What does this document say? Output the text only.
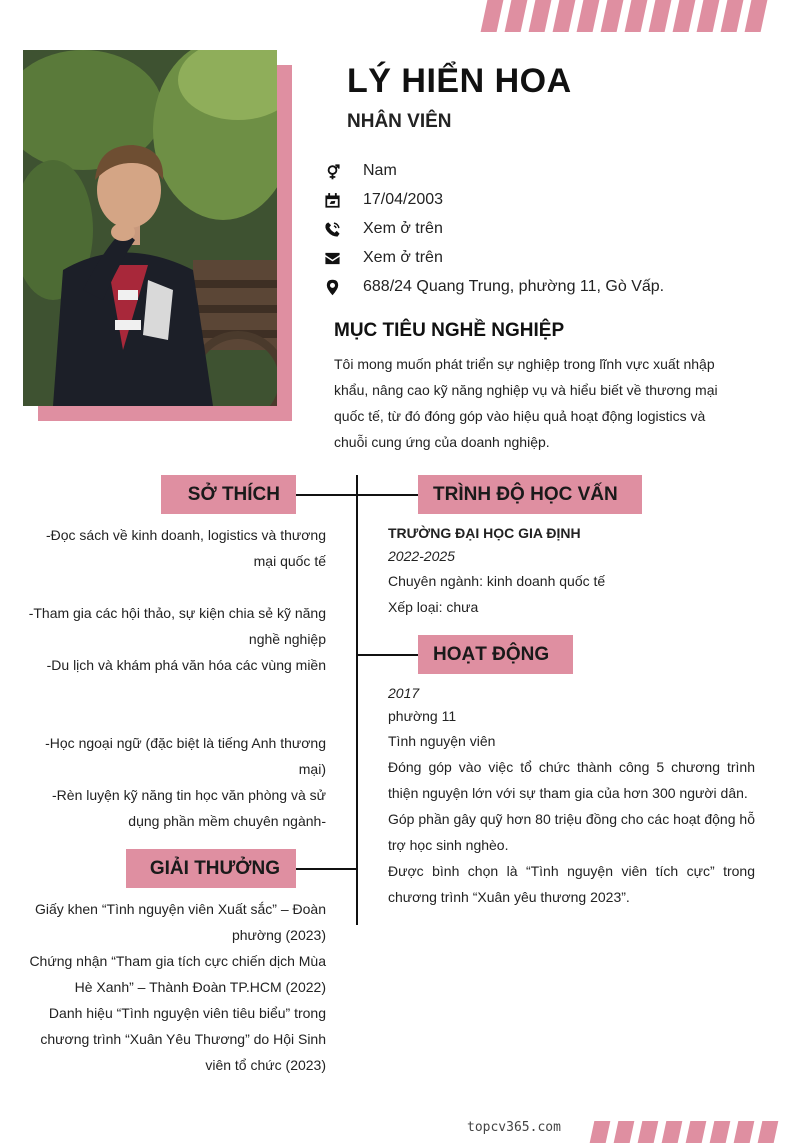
LÝ HIỂN HOA
NHÂN VIÊN
Nam
17/04/2003
Xem ở trên
Xem ở trên
688/24 Quang Trung, phường 11, Gò Vấp.
MỤC TIÊU NGHỀ NGHIỆP
Tôi mong muốn phát triển sự nghiệp trong lĩnh vực xuất nhập khẩu, nâng cao kỹ năng nghiệp vụ và hiểu biết về thương mại quốc tế, từ đó đóng góp vào hiệu quả hoạt động logistics và chuỗi cung ứng của doanh nghiệp.
SỞ THÍCH
-Đọc sách về kinh doanh, logistics và thương mại quốc tế
-Tham gia các hội thảo, sự kiện chia sẻ kỹ năng nghề nghiệp
-Du lịch và khám phá văn hóa các vùng miền
-Học ngoại ngữ (đặc biệt là tiếng Anh thương mại)
-Rèn luyện kỹ năng tin học văn phòng và sử dụng phần mềm chuyên ngành-
GIẢI THƯỞNG
Giấy khen “Tình nguyện viên Xuất sắc” – Đoàn phường (2023)
Chứng nhận “Tham gia tích cực chiến dịch Mùa Hè Xanh” – Thành Đoàn TP.HCM (2022)
Danh hiệu “Tình nguyện viên tiêu biểu” trong chương trình “Xuân Yêu Thương” do Hội Sinh viên tổ chức (2023)
TRÌNH ĐỘ HỌC VẤN
TRƯỜNG ĐẠI HỌC GIA ĐỊNH
2022-2025
Chuyên ngành: kinh doanh quốc tế
Xếp loại: chưa
HOẠT ĐỘNG
2017
phường 11
Tình nguyện viên
Đóng góp vào việc tổ chức thành công 5 chương trình thiện nguyện lớn với sự tham gia của hơn 300 người dân.
Góp phần gây quỹ hơn 80 triệu đồng cho các hoạt động hỗ trợ học sinh nghèo.
Được bình chọn là “Tình nguyện viên tích cực” trong chương trình “Xuân yêu thương 2023”.
topcv365.com
